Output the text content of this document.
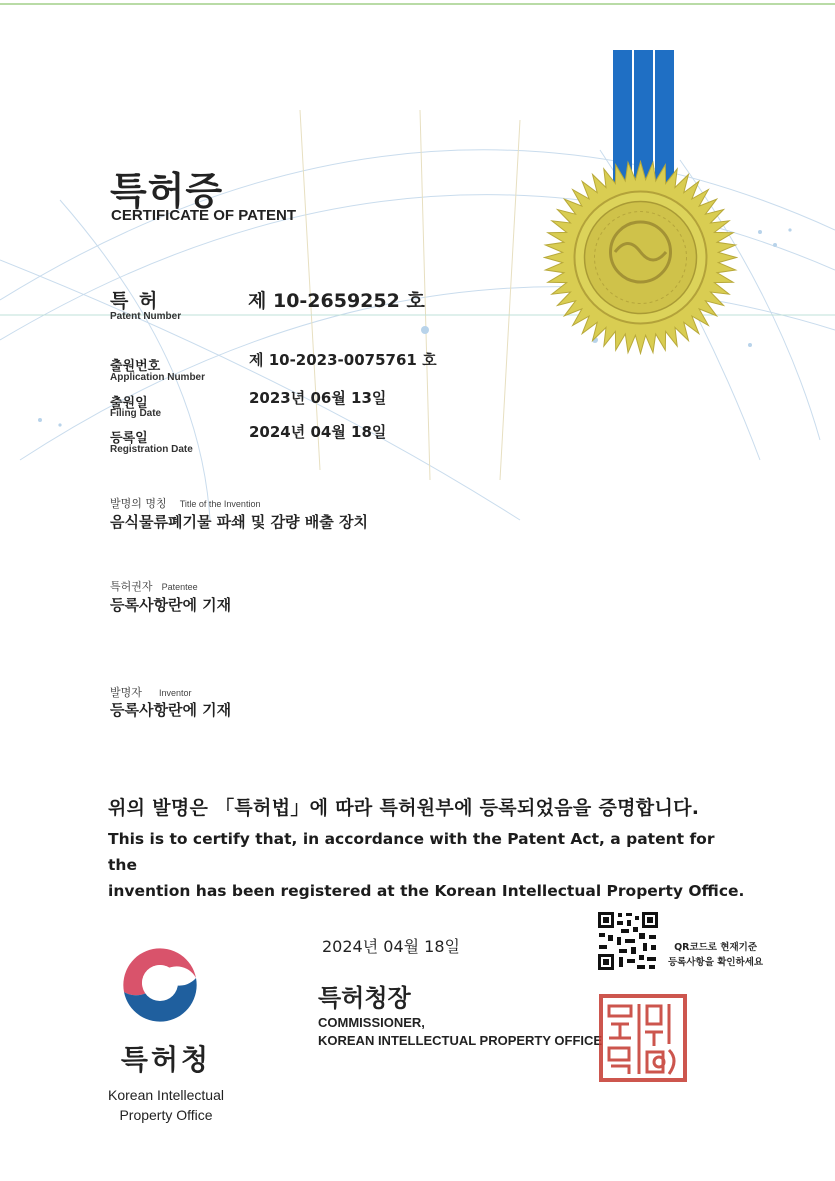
특허증
CERTIFICATE OF PATENT
특 허
Patent Number
제 10-2659252 호
출원번호
Application Number
제 10-2023-0075761 호
출원일
Filing Date
2023년 06월 13일
등록일
Registration Date
2024년 04월 18일
발명의 명칭 Title of the Invention
음식물류폐기물 파쇄 및 감량 배출 장치
특허권자 Patentee
등록사항란에 기재
발명자 Inventor
등록사항란에 기재
위의 발명은 「특허법」에 따라 특허원부에 등록되었음을 증명합니다.
This is to certify that, in accordance with the Patent Act, a patent for the
invention has been registered at the Korean Intellectual Property Office.
2024년 04월 18일
특허청장
COMMISSIONER,
KOREAN INTELLECTUAL PROPERTY OFFICE
QR코드로 현재기준
등록사항을 확인하세요
특허청
Korean Intellectual
Property Office
